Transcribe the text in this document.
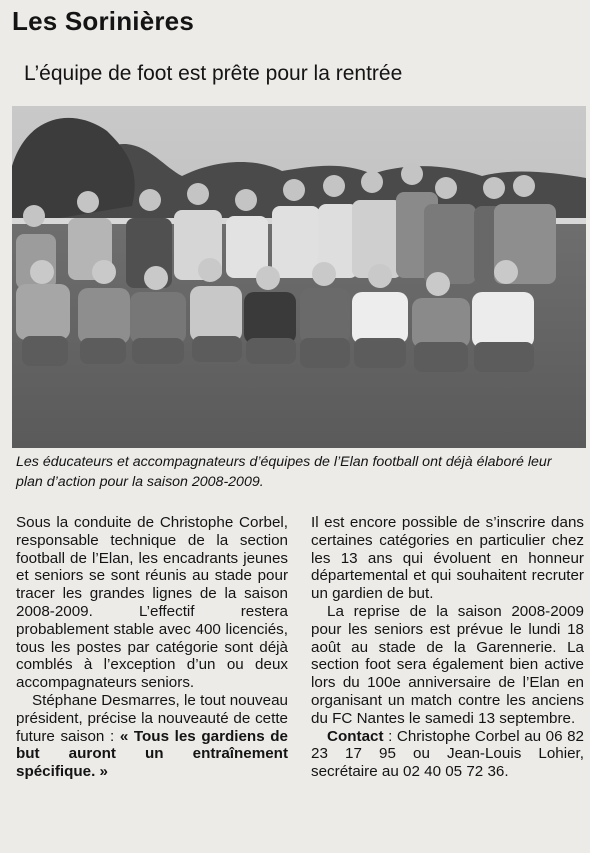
Les Sorinières
L’équipe de foot est prête pour la rentrée

Les éducateurs et accompagnateurs d’équipes de l’Elan football ont déjà élaboré leur plan d’action pour la saison 2008-2009.

Sous la conduite de Christophe Corbel, responsable technique de la section football de l’Elan, les encadrants jeunes et seniors se sont réunis au stade pour tracer les grandes lignes de la saison 2008-2009. L’effectif restera probablement stable avec 400 licenciés, tous les postes par catégorie sont déjà comblés à l’exception d’un ou deux accompagnateurs seniors.

Stéphane Desmarres, le tout nouveau président, précise la nouveauté de cette future saison : « Tous les gardiens de but auront un entraînement spécifique. »

Il est encore possible de s’inscrire dans certaines catégories en particulier chez les 13 ans qui évoluent en honneur départemental et qui souhaitent recruter un gardien de but.

La reprise de la saison 2008-2009 pour les seniors est prévue le lundi 18 août au stade de la Garennerie. La section foot sera également bien active lors du 100e anniversaire de l’Elan en organisant un match contre les anciens du FC Nantes le samedi 13 septembre.

Contact : Christophe Corbel au 06 82 23 17 95 ou Jean-Louis Lohier, secrétaire au 02 40 05 72 36.
